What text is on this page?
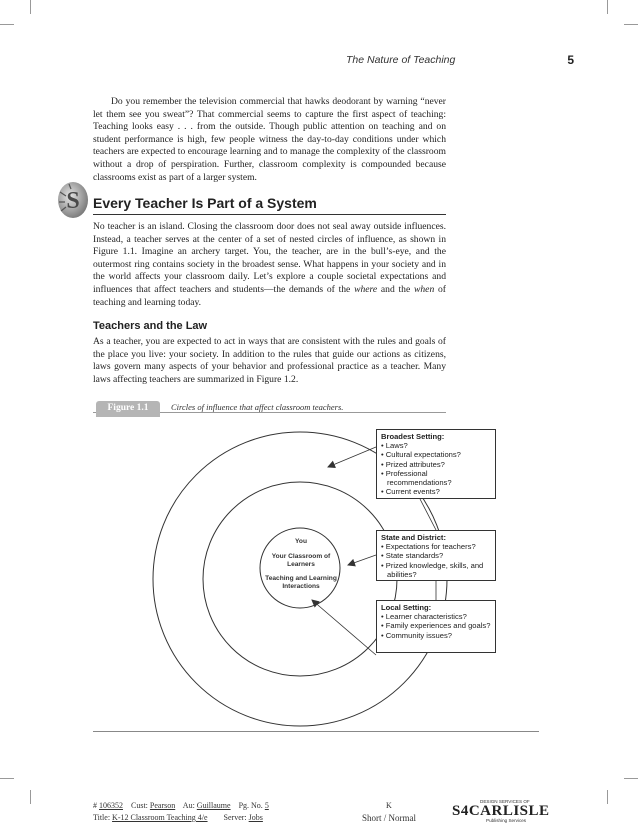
The Nature of Teaching	5
Do you remember the television commercial that hawks deodorant by warning “never let them see you sweat”? That commercial seems to capture the first aspect of teaching: Teaching looks easy . . . from the outside. Though public attention on teaching and on student performance is high, few people witness the day-to-day conditions under which teachers are expected to encourage learning and to manage the complexity of the classroom without a drop of perspiration. Further, classroom complexity is compounded because classrooms exist as part of a larger system.
S Every Teacher Is Part of a System
No teacher is an island. Closing the classroom door does not seal away outside influences. Instead, a teacher serves at the center of a set of nested circles of influence, as shown in Figure 1.1. Imagine an archery target. You, the teacher, are in the bull’s-eye, and the outermost ring contains society in the broadest sense. What happens in your society and in the world affects your classroom daily. Let’s explore a couple societal expectations and influences that affect teachers and students—the demands of the where and the when of teaching and learning today.
Teachers and the Law
As a teacher, you are expected to act in ways that are consistent with the rules and goals of the place you live: your society. In addition to the rules that guide our actions as citizens, laws govern many aspects of your behavior and professional practice as a teacher. Many laws affecting teachers are summarized in Figure 1.2.
Figure 1.1	Circles of influence that affect classroom teachers.
You
Your Classroom of Learners
Teaching and Learning Interactions
Broadest Setting:
• Laws?
• Cultural expectations?
• Prized attributes?
• Professional recommendations?
• Current events?
State and District:
• Expectations for teachers?
• State standards?
• Prized knowledge, skills, and abilities?
Local Setting:
• Learner characteristics?
• Family experiences and goals?
• Community issues?
# 106352 Cust: Pearson Au: Guillaume Pg. No. 5
Title: K-12 Classroom Teaching 4/e Server: Jobs
K
Short / Normal
DESIGN SERVICES OF
S4CARLISLE
Publishing Services
